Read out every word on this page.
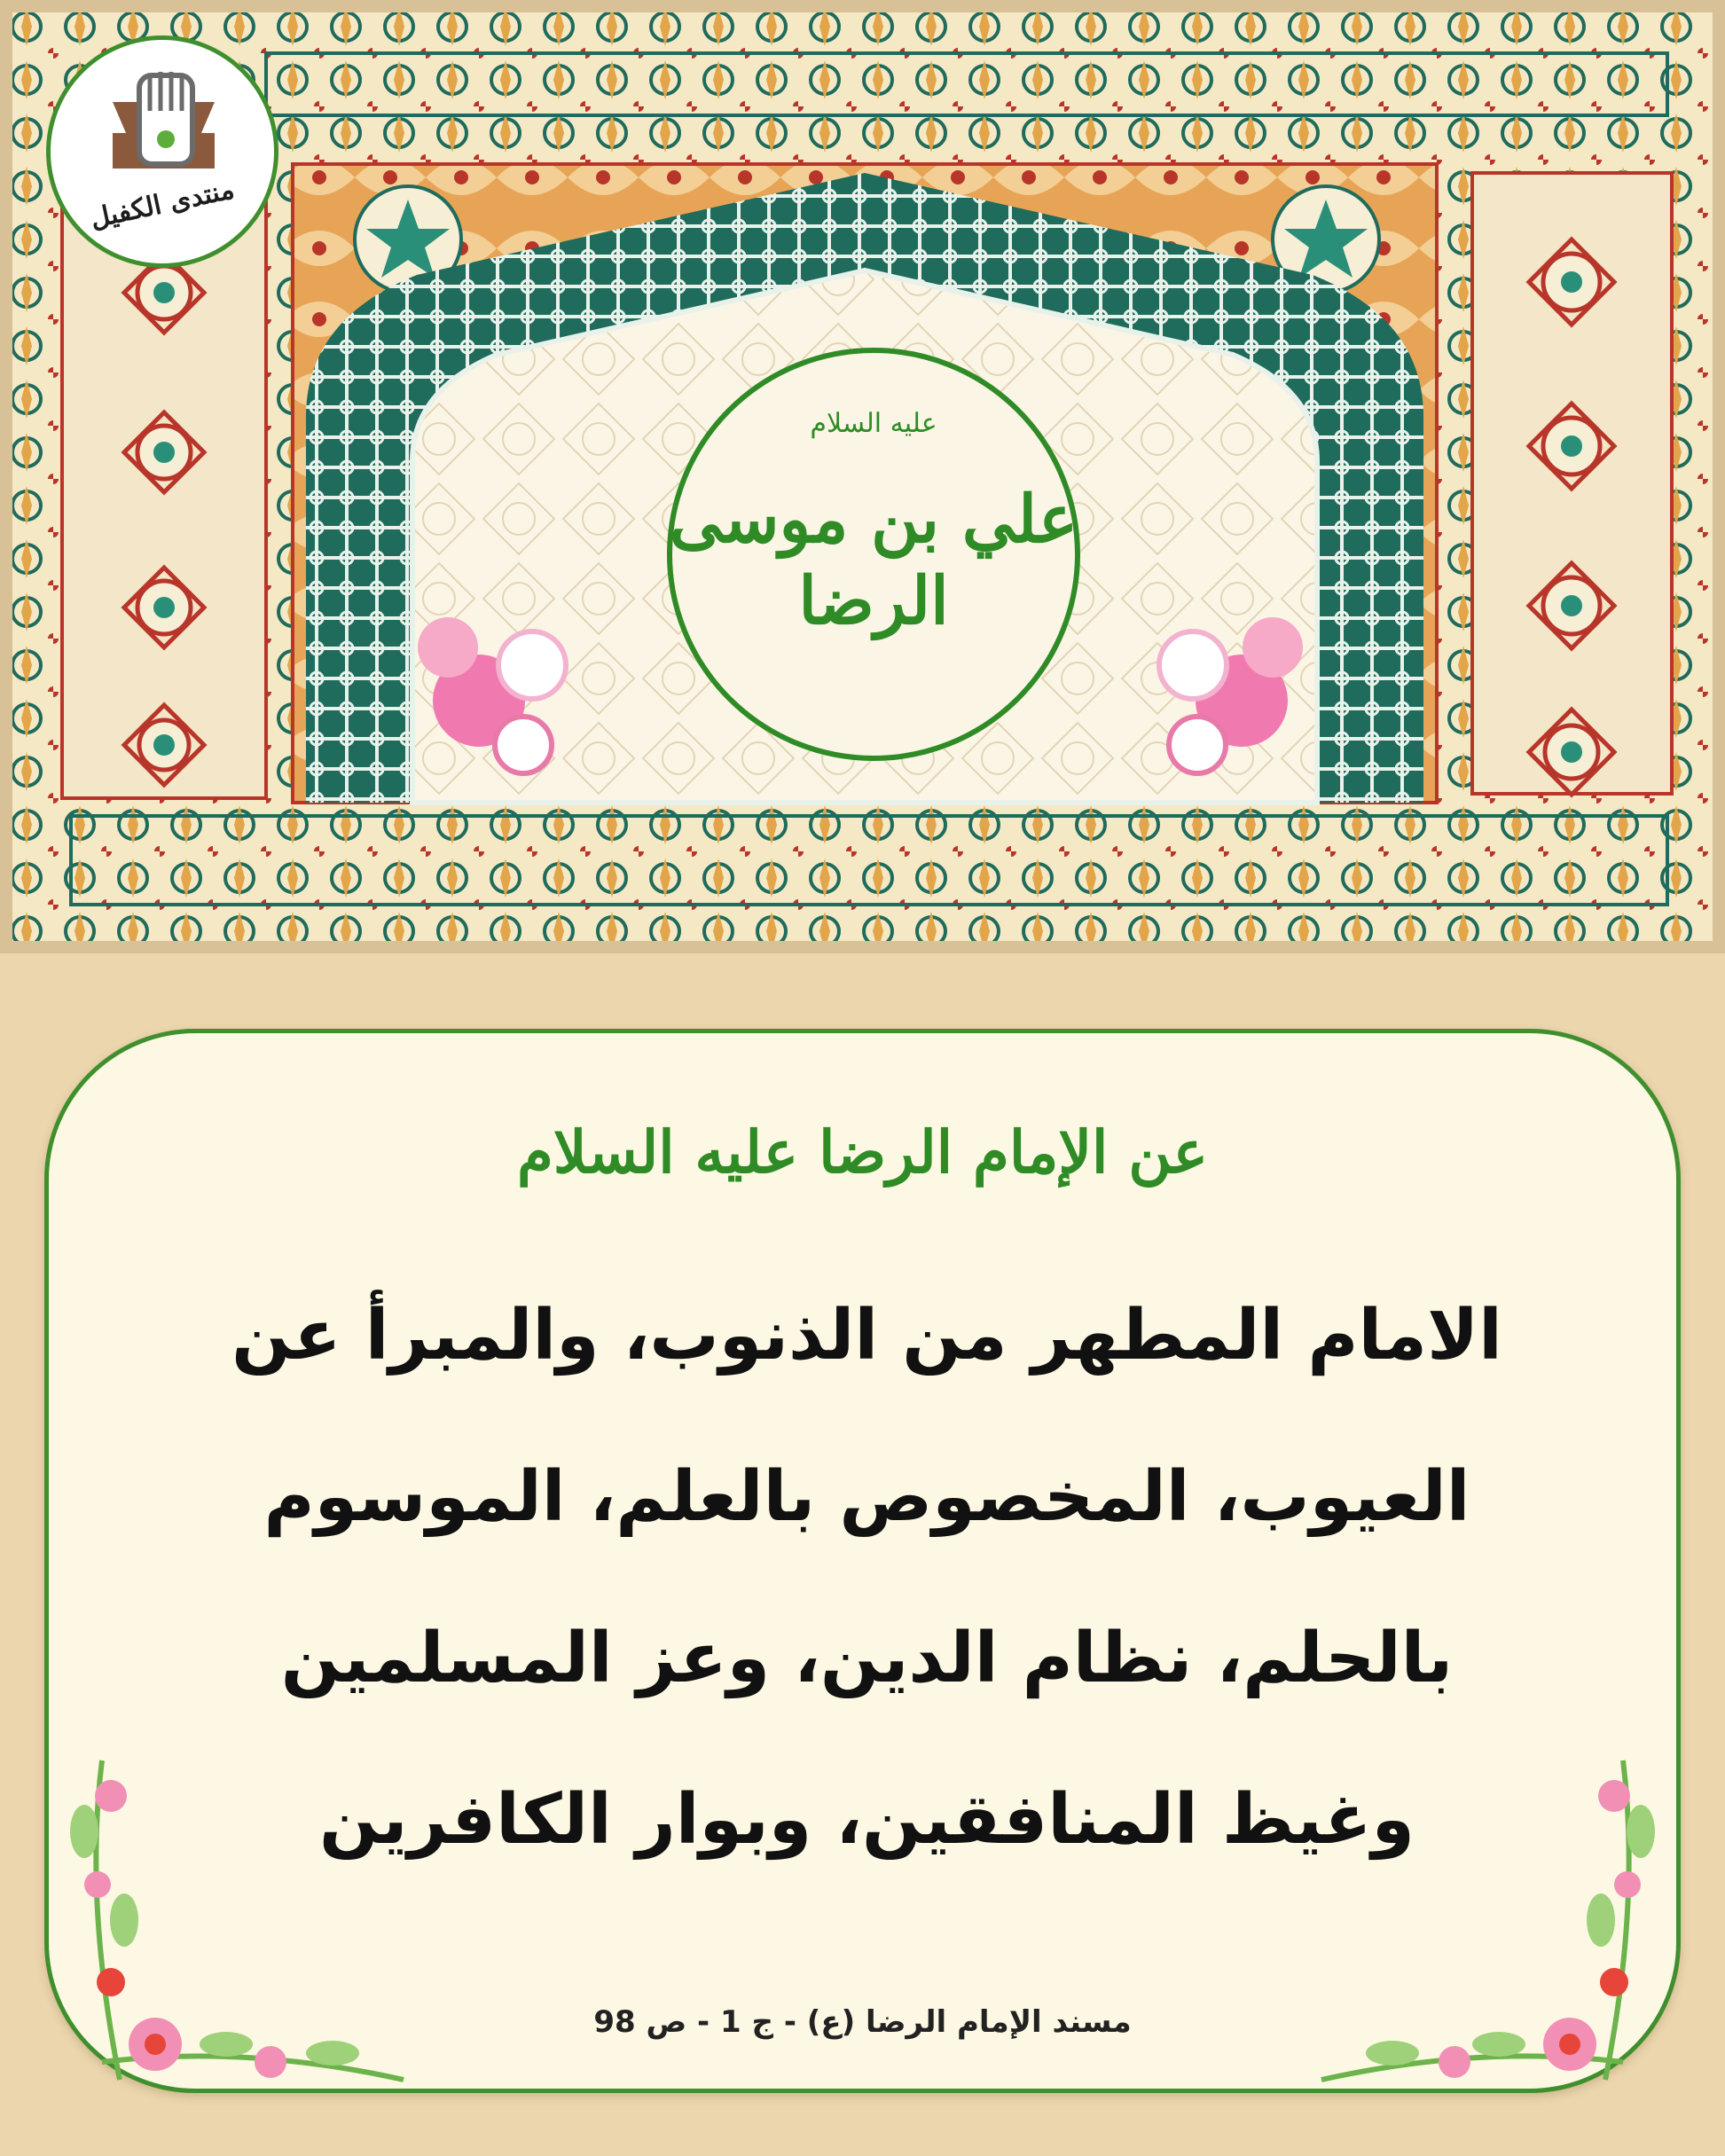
منتدى الكفيل
عليه السلام
علي بن موسى
الرضا
عن الإمام الرضا عليه السلام
الامام المطهر من الذنوب، والمبرأ عن
العيوب، المخصوص بالعلم، الموسوم
بالحلم، نظام الدين، وعز المسلمين
وغيظ المنافقين، وبوار الكافرين
مسند الإمام الرضا (ع) - ج 1 - ص 98
